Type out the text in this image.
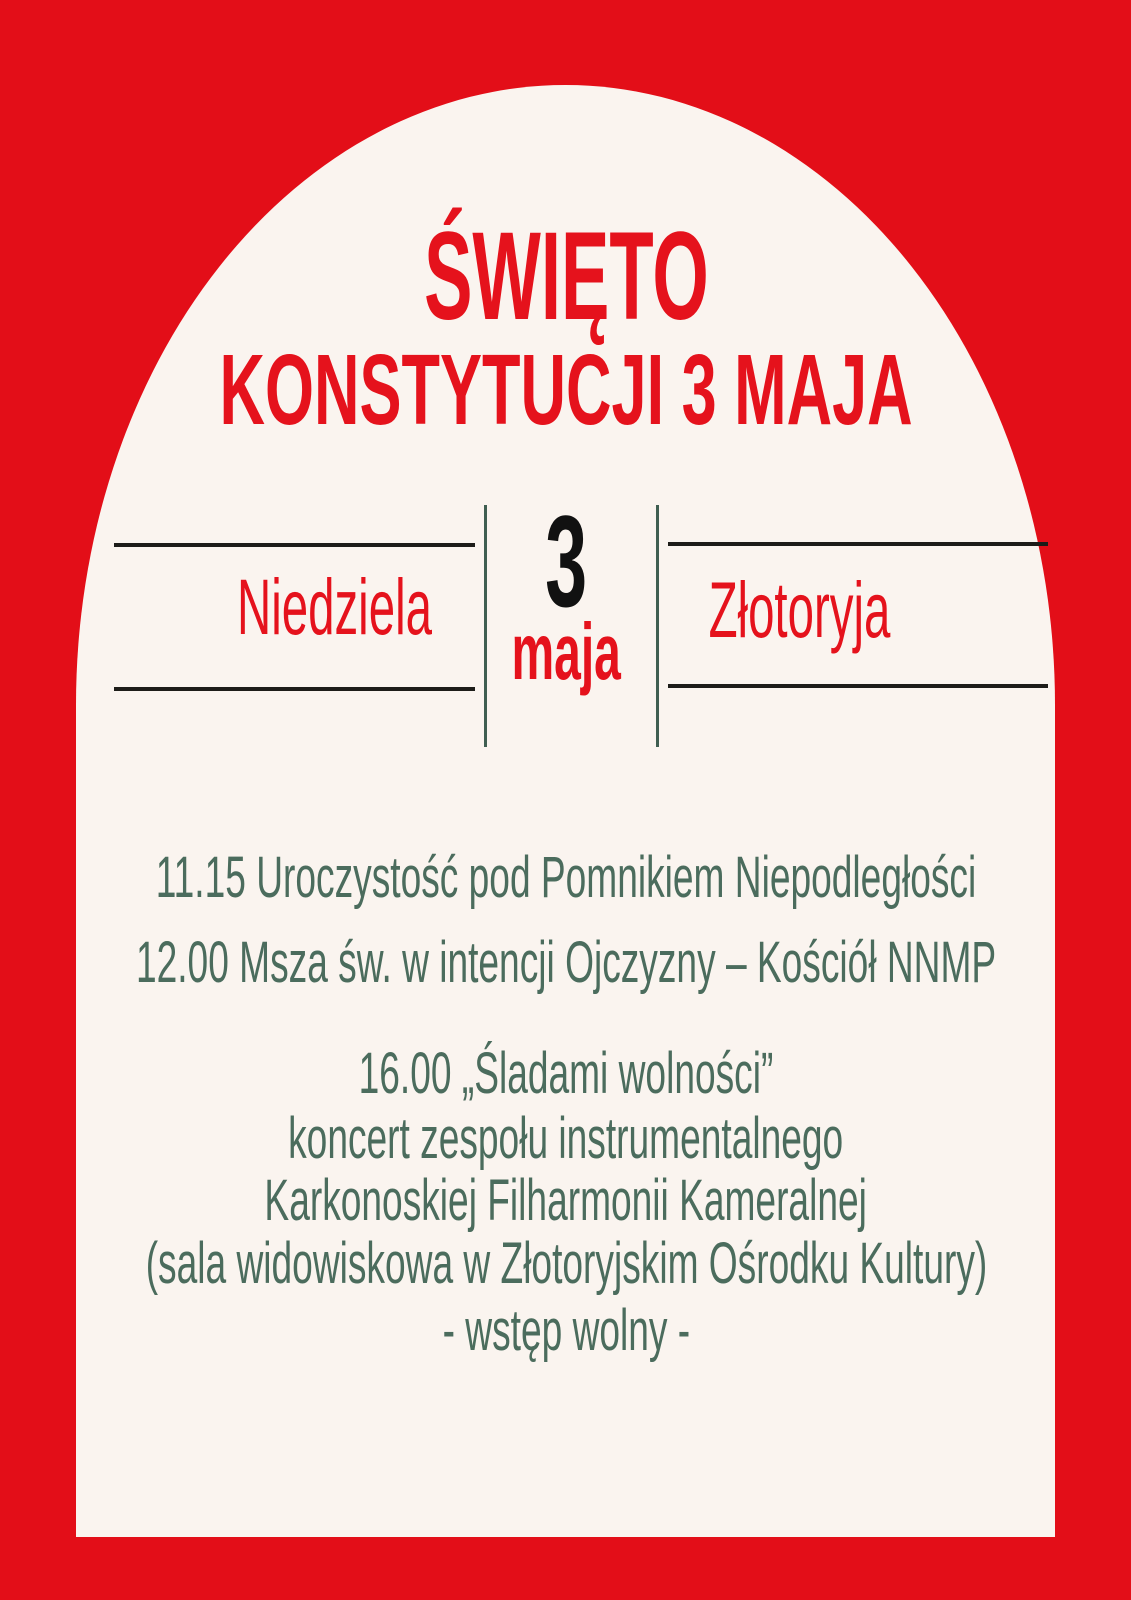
ŚWIĘTO
KONSTYTUCJI 3 MAJA
Niedziela 3
maja	Złotoryja
11.15 Uroczystość pod Pomnikiem Niepodległości
12.00 Msza św. w intencji Ojczyzny – Kościół NNMP
16.00 „Śladami wolności”
koncert zespołu instrumentalnego
Karkonoskiej Filharmonii Kameralnej
(sala widowiskowa w Złotoryjskim Ośrodku Kultury)
- wstęp wolny -
